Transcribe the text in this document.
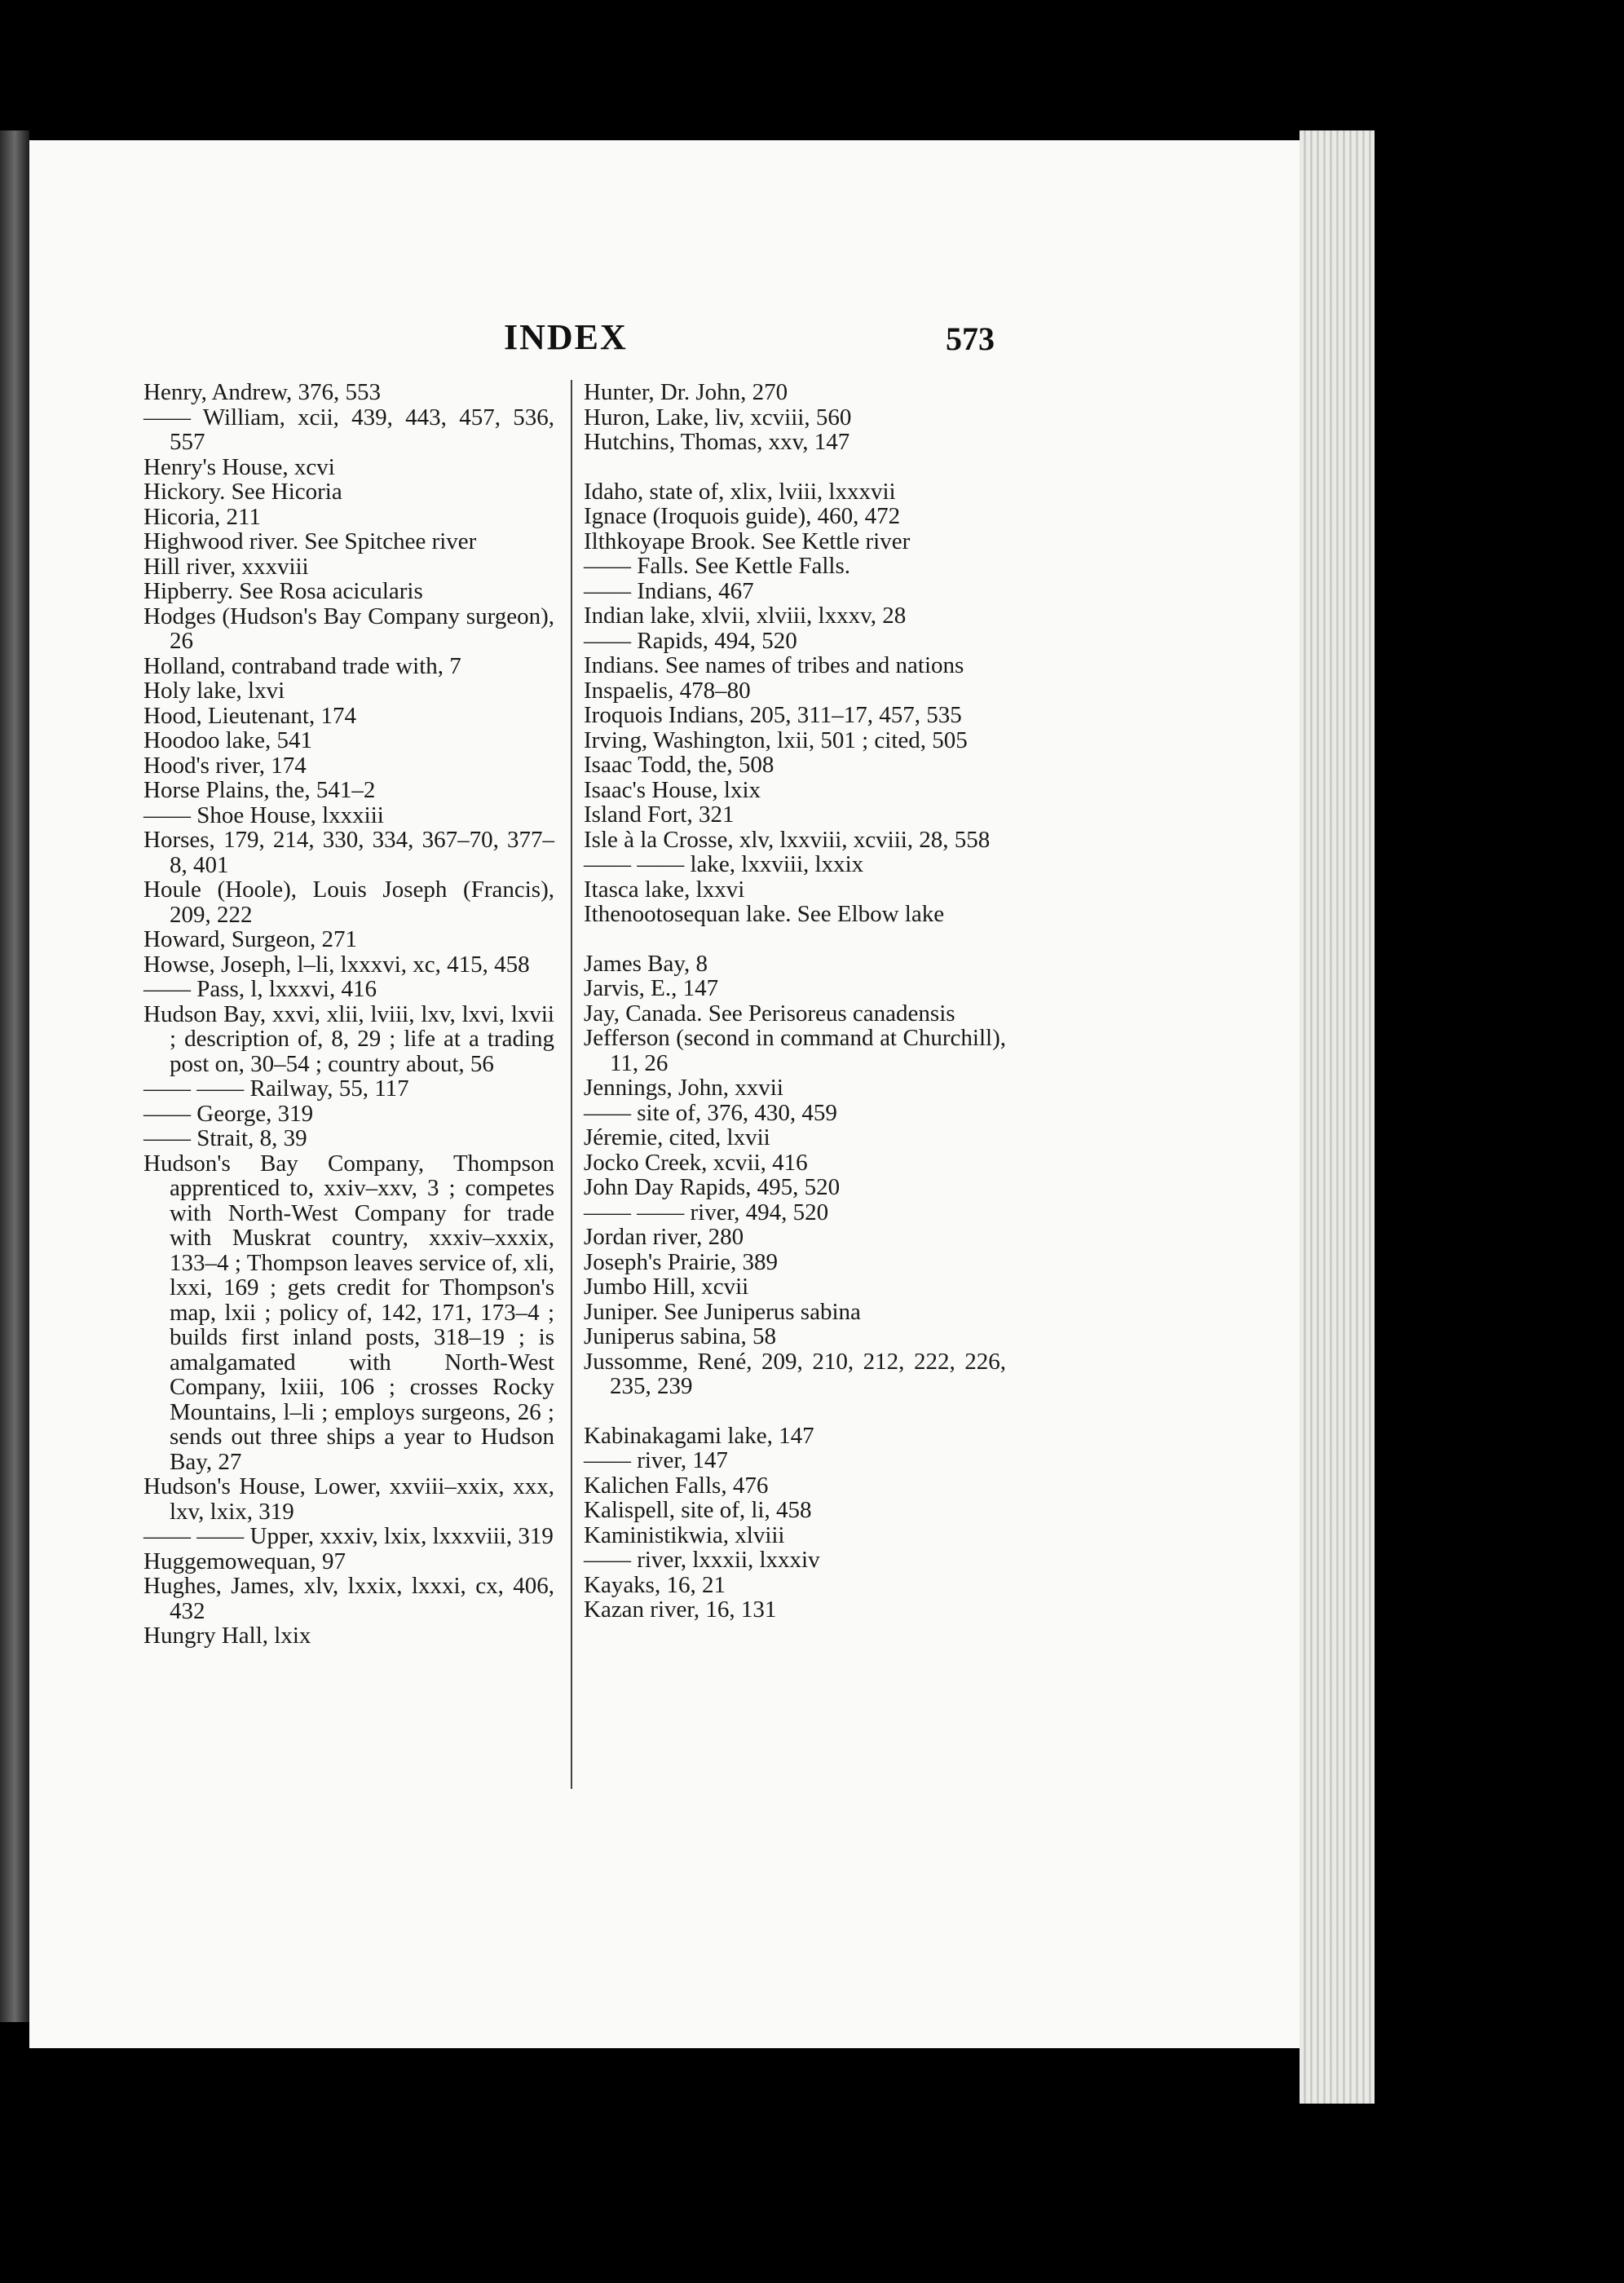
INDEX	573
Henry, Andrew, 376, 553
—— William, xcii, 439, 443, 457, 536, 557
Henry's House, xcvi
Hickory. See Hicoria
Hicoria, 211
Highwood river. See Spitchee river
Hill river, xxxviii
Hipberry. See Rosa acicularis
Hodges (Hudson's Bay Company surgeon), 26
Holland, contraband trade with, 7
Holy lake, lxvi
Hood, Lieutenant, 174
Hoodoo lake, 541
Hood's river, 174
Horse Plains, the, 541–2
—— Shoe House, lxxxiii
Horses, 179, 214, 330, 334, 367–70, 377–8, 401
Houle (Hoole), Louis Joseph (Francis), 209, 222
Howard, Surgeon, 271
Howse, Joseph, l–li, lxxxvi, xc, 415, 458
—— Pass, l, lxxxvi, 416
Hudson Bay, xxvi, xlii, lviii, lxv, lxvi, lxvii ; description of, 8, 29 ; life at a trading post on, 30–54 ; country about, 56
—— —— Railway, 55, 117
—— George, 319
—— Strait, 8, 39
Hudson's Bay Company, Thompson apprenticed to, xxiv–xxv, 3 ; competes with North-West Company for trade with Muskrat country, xxxiv–xxxix, 133–4 ; Thompson leaves service of, xli, lxxi, 169 ; gets credit for Thompson's map, lxii ; policy of, 142, 171, 173–4 ; builds first inland posts, 318–19 ; is amalgamated with North-West Company, lxiii, 106 ; crosses Rocky Mountains, l–li ; employs surgeons, 26 ; sends out three ships a year to Hudson Bay, 27
Hudson's House, Lower, xxviii–xxix, xxx, lxv, lxix, 319
—— —— Upper, xxxiv, lxix, lxxxviii, 319
Huggemowequan, 97
Hughes, James, xlv, lxxix, lxxxi, cx, 406, 432
Hungry Hall, lxix
Hunter, Dr. John, 270
Huron, Lake, liv, xcviii, 560
Hutchins, Thomas, xxv, 147
Idaho, state of, xlix, lviii, lxxxvii
Ignace (Iroquois guide), 460, 472
Ilthkoyape Brook. See Kettle river
—— Falls. See Kettle Falls.
—— Indians, 467
Indian lake, xlvii, xlviii, lxxxv, 28
—— Rapids, 494, 520
Indians. See names of tribes and nations
Inspaelis, 478–80
Iroquois Indians, 205, 311–17, 457, 535
Irving, Washington, lxii, 501 ; cited, 505
Isaac Todd, the, 508
Isaac's House, lxix
Island Fort, 321
Isle à la Crosse, xlv, lxxviii, xcviii, 28, 558
—— —— lake, lxxviii, lxxix
Itasca lake, lxxvi
Ithenootosequan lake. See Elbow lake
James Bay, 8
Jarvis, E., 147
Jay, Canada. See Perisoreus canadensis
Jefferson (second in command at Churchill), 11, 26
Jennings, John, xxvii
—— site of, 376, 430, 459
Jéremie, cited, lxvii
Jocko Creek, xcvii, 416
John Day Rapids, 495, 520
—— —— river, 494, 520
Jordan river, 280
Joseph's Prairie, 389
Jumbo Hill, xcvii
Juniper. See Juniperus sabina
Juniperus sabina, 58
Jussomme, René, 209, 210, 212, 222, 226, 235, 239
Kabinakagami lake, 147
—— river, 147
Kalichen Falls, 476
Kalispell, site of, li, 458
Kaministikwia, xlviii
—— river, lxxxii, lxxxiv
Kayaks, 16, 21
Kazan river, 16, 131
